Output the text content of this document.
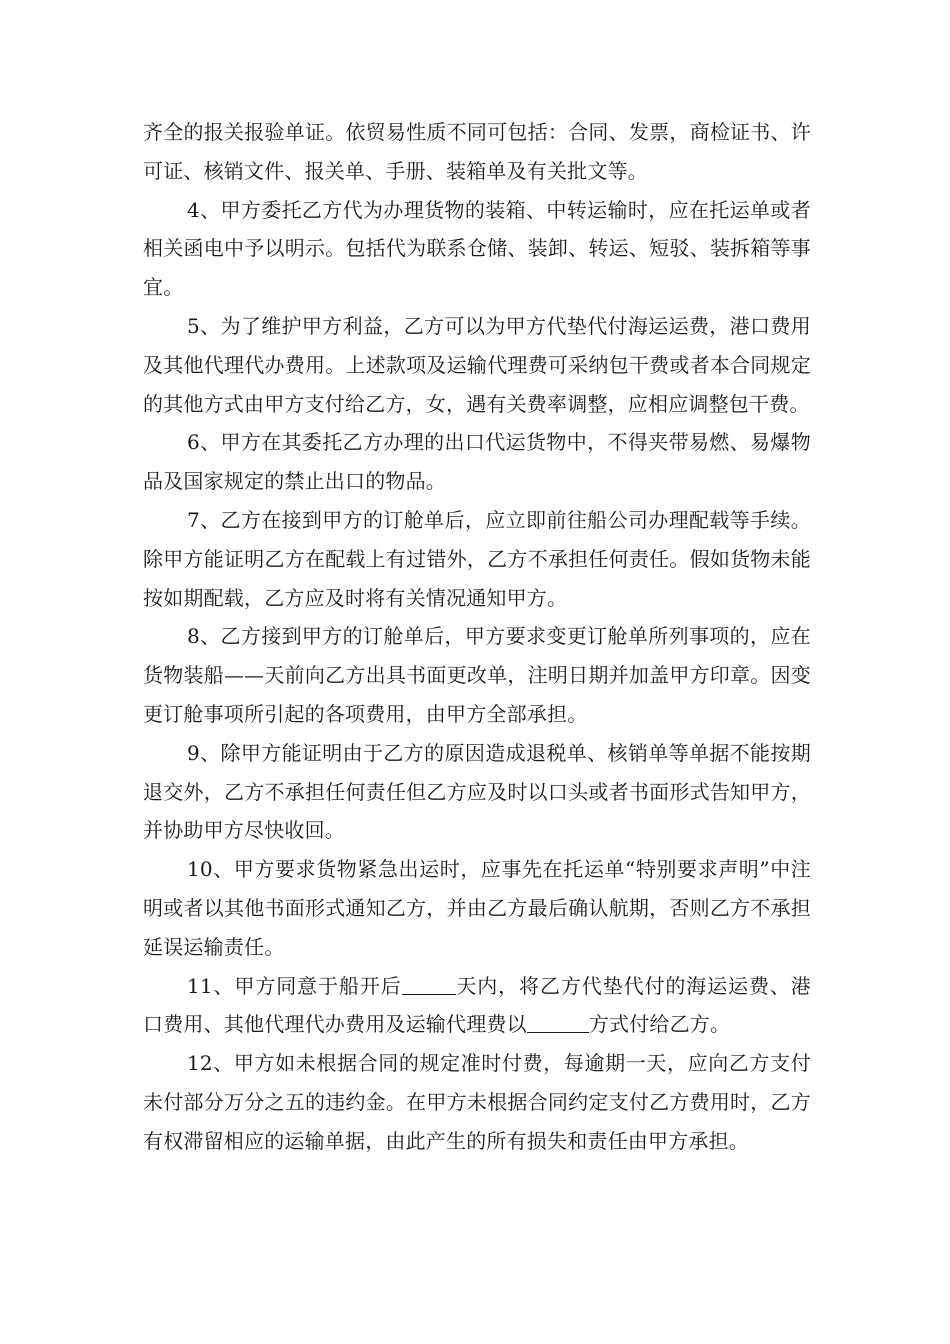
齐全的报关报验单证。依贸易性质不同可包括：合同、发票，商检证书、许可证、核销文件、报关单、手册、装箱单及有关批文等。

4、甲方委托乙方代为办理货物的装箱、中转运输时，应在托运单或者相关函电中予以明示。包括代为联系仓储、装卸、转运、短驳、装拆箱等事宜。

5、为了维护甲方利益，乙方可以为甲方代垫代付海运运费，港口费用及其他代理代办费用。上述款项及运输代理费可采纳包干费或者本合同规定的其他方式由甲方支付给乙方，女，遇有关费率调整，应相应调整包干费。

6、甲方在其委托乙方办理的出口代运货物中，不得夹带易燃、易爆物品及国家规定的禁止出口的物品。

7、乙方在接到甲方的订舱单后，应立即前往船公司办理配载等手续。除甲方能证明乙方在配载上有过错外，乙方不承担任何责任。假如货物未能按如期配载，乙方应及时将有关情况通知甲方。

8、乙方接到甲方的订舱单后，甲方要求变更订舱单所列事项的，应在货物装船——天前向乙方出具书面更改单，注明日期并加盖甲方印章。因变更订舱事项所引起的各项费用，由甲方全部承担。

9、除甲方能证明由于乙方的原因造成退税单、核销单等单据不能按期退交外，乙方不承担任何责任但乙方应及时以口头或者书面形式告知甲方，并协助甲方尽快收回。

10、甲方要求货物紧急出运时，应事先在托运单“特别要求声明”中注明或者以其他书面形式通知乙方，并由乙方最后确认航期，否则乙方不承担延误运输责任。

11、甲方同意于船开后	天内，将乙方代垫代付的海运运费、港口费用、其他代理代办费用及运输代理费以	方式付给乙方。

12、甲方如未根据合同的规定准时付费，每逾期一天，应向乙方支付未付部分万分之五的违约金。在甲方未根据合同约定支付乙方费用时，乙方有权滞留相应的运输单据，由此产生的所有损失和责任由甲方承担。
